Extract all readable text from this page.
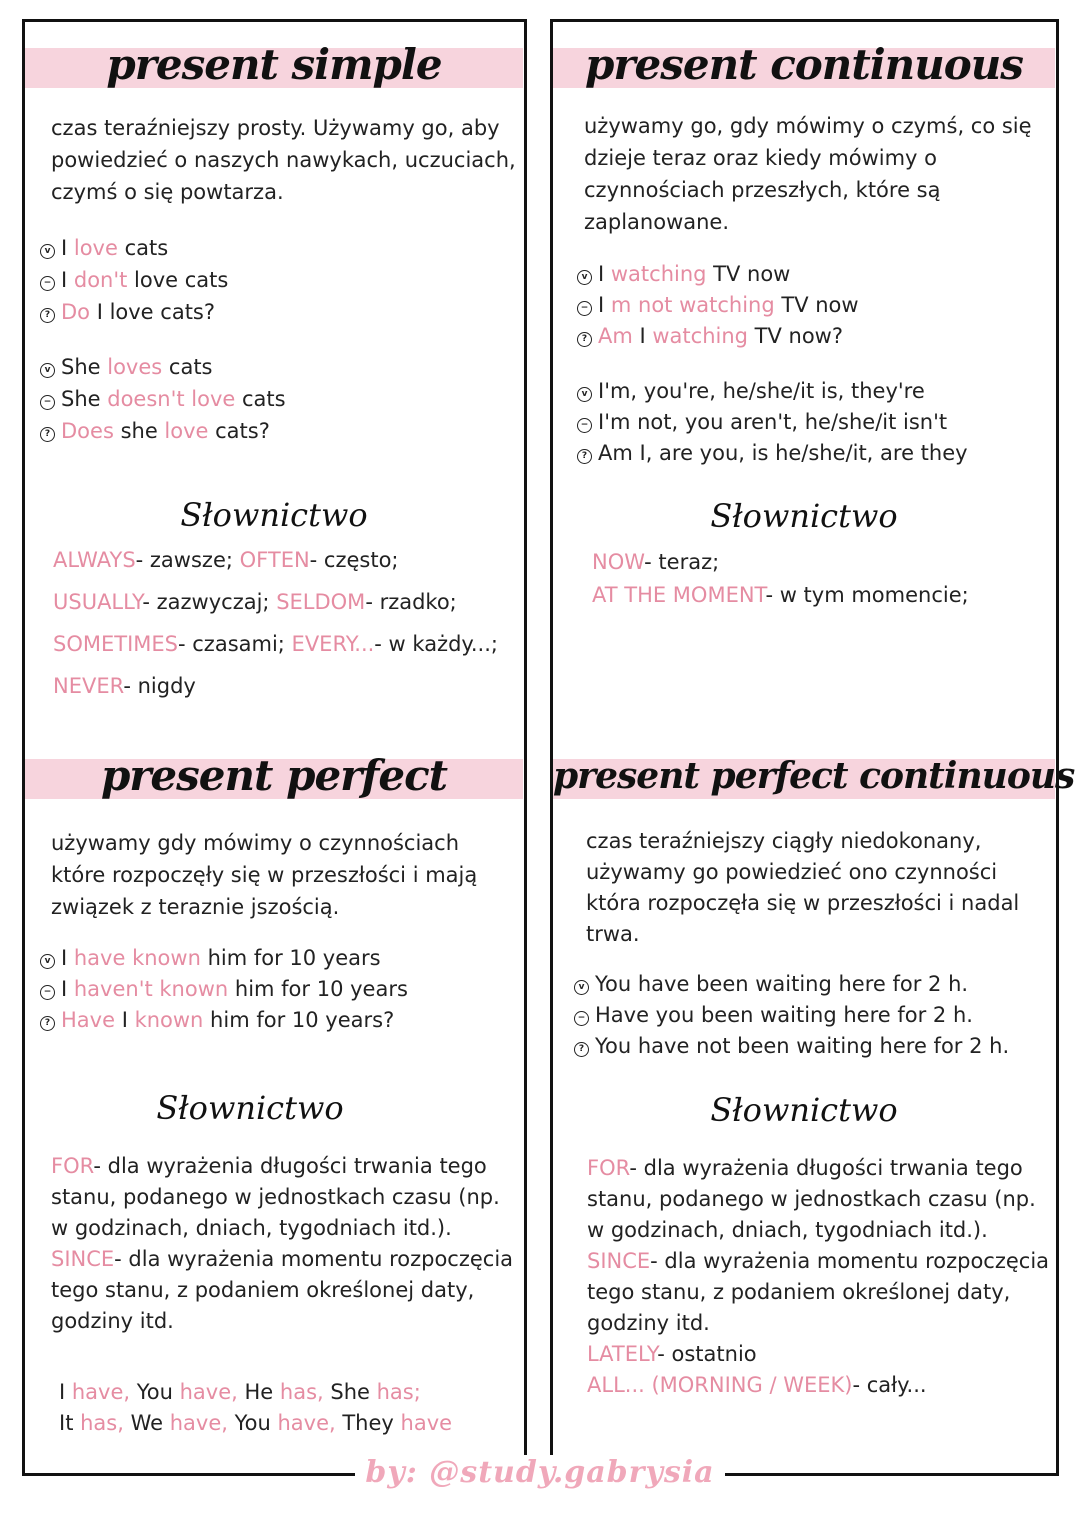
present simple
czas teraźniejszy prosty. Używamy go, aby
powiedzieć o naszych nawykach, uczuciach,
czymś o się powtarza.
v I love cats
− I don't love cats
? Do I love cats?
v She loves cats
− She doesn't love cats
? Does she love cats?
Słownictwo
ALWAYS- zawsze; OFTEN- często;
USUALLY- zazwyczaj; SELDOM- rzadko;
SOMETIMES- czasami; EVERY...- w każdy...;
NEVER- nigdy
present continuous
używamy go, gdy mówimy o czymś, co się
dzieje teraz oraz kiedy mówimy o
czynnościach przeszłych, które są
zaplanowane.
v I watching TV now
− I m not watching TV now
? Am I watching TV now?
v I'm, you're, he/she/it is, they're
− I'm not, you aren't, he/she/it isn't
? Am I, are you, is he/she/it, are they
Słownictwo
NOW- teraz;
AT THE MOMENT- w tym momencie;
present perfect
używamy gdy mówimy o czynnościach
które rozpoczęły się w przeszłości i mają
związek z teraznie jszością.
v I have known him for 10 years
− I haven't known him for 10 years
? Have I known him for 10 years?
Słownictwo
FOR- dla wyrażenia długości trwania tego
stanu, podanego w jednostkach czasu (np.
w godzinach, dniach, tygodniach itd.).
SINCE- dla wyrażenia momentu rozpoczęcia
tego stanu, z podaniem określonej daty,
godziny itd.
I have, You have, He has, She has;
It has, We have, You have, They have
present perfect continuous
czas teraźniejszy ciągły niedokonany,
używamy go powiedzieć ono czynności
która rozpoczęła się w przeszłości i nadal
trwa.
v You have been waiting here for 2 h.
− Have you been waiting here for 2 h.
? You have not been waiting here for 2 h.
Słownictwo
FOR- dla wyrażenia długości trwania tego
stanu, podanego w jednostkach czasu (np.
w godzinach, dniach, tygodniach itd.).
SINCE- dla wyrażenia momentu rozpoczęcia
tego stanu, z podaniem określonej daty,
godziny itd.
LATELY- ostatnio
ALL... (MORNING / WEEK)- cały...
by: @study.gabrysia
